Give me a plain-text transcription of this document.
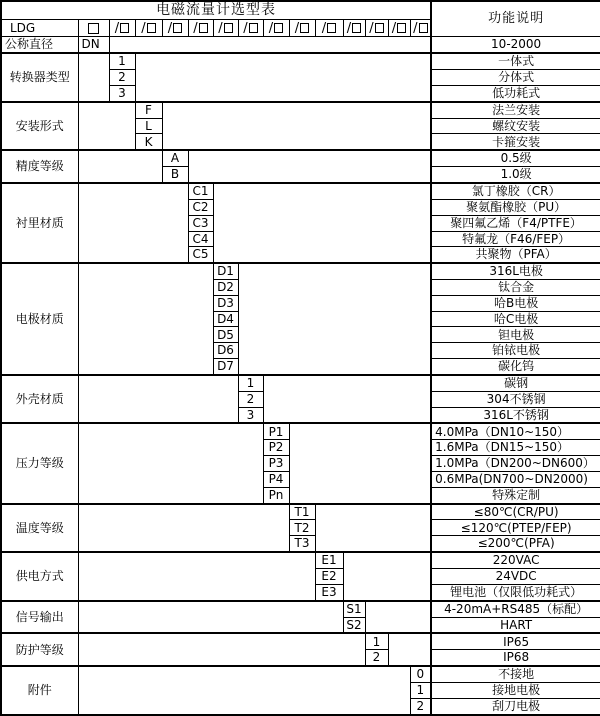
电磁流量计选型表															功能说明
LDG		/	/	/	/	/	/	/	/	/	/	/	/	/	
公称直径	DN														10-2000
转换器类型		1													一体式
		2													分体式
		3													低功耗式
安装形式			F												法兰安装
			L												螺纹安装
			K												卡箍安装
精度等级				A											0.5级
				B											1.0级
衬里材质					C1										氯丁橡胶（CR）
					C2										聚氨酯橡胶（PU）
					C3										聚四氟乙烯（F4/PTFE）
					C4										特氟龙（F46/FEP）
					C5										共聚物（PFA）
电极材质						D1									316L电极
						D2									钛合金
						D3									哈B电极
						D4									哈C电极
						D5									钽电极
						D6									铂铱电极
						D7									碳化钨
外壳材质							1								碳钢
							2								304不锈钢
							3								316L不锈钢
压力等级								P1							4.0MPa（DN10~150）
								P2							1.6MPa（DN15~150）
								P3							1.0MPa（DN200~DN600）
								P4							0.6MPa(DN700~DN2000)
								Pn							特殊定制
温度等级									T1						≤80℃(CR/PU)
									T2						≤120℃(PTEP/FEP)
									T3						≤200℃(PFA)
供电方式										E1					220VAC
										E2					24VDC
										E3					锂电池（仅限低功耗式）
信号输出											S1				4-20mA+RS485（标配）
											S2				HART
防护等级												1			IP65
												2			IP68
附件														0	不接地
														1	接地电极
														2	刮刀电极
